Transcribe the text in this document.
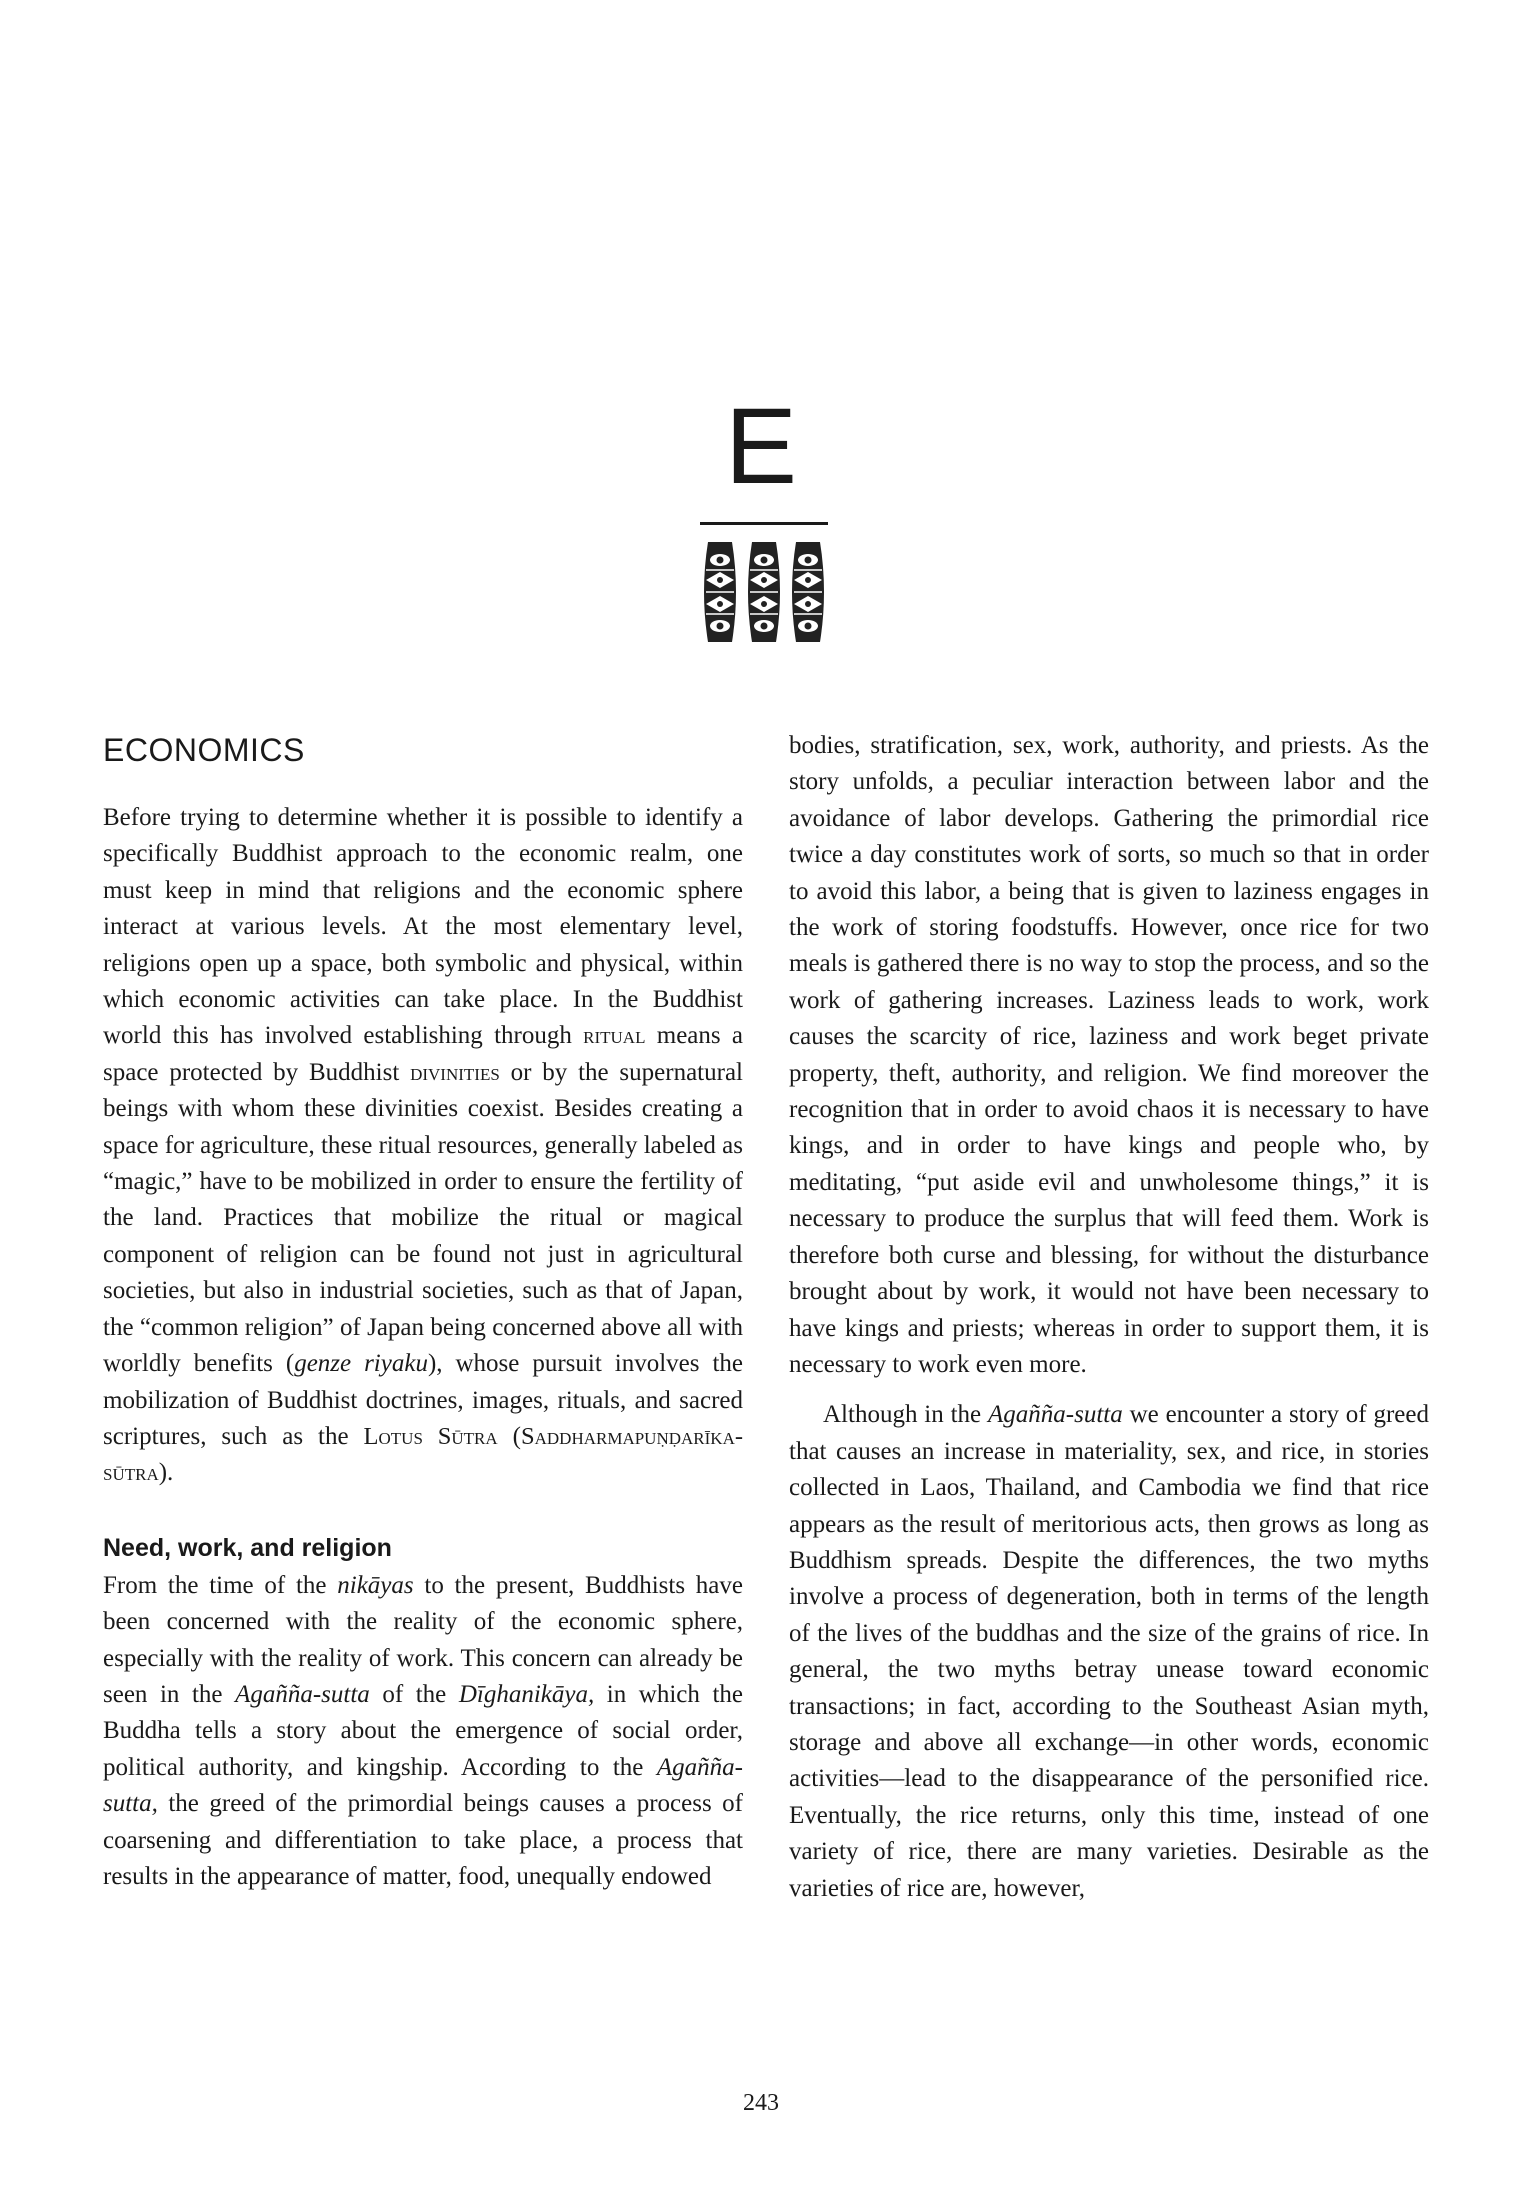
E
ECONOMICS

Before trying to determine whether it is possible to identify a specifically Buddhist approach to the economic realm, one must keep in mind that religions and the economic sphere interact at various levels. At the most elementary level, religions open up a space, both symbolic and physical, within which economic activities can take place. In the Buddhist world this has involved establishing through ritual means a space protected by Buddhist divinities or by the supernatural beings with whom these divinities coexist. Besides creating a space for agriculture, these ritual resources, generally labeled as “magic,” have to be mobilized in order to ensure the fertility of the land. Practices that mobilize the ritual or magical component of religion can be found not just in agricultural societies, but also in industrial societies, such as that of Japan, the “common religion” of Japan being concerned above all with worldly benefits (genze riyaku), whose pursuit involves the mobilization of Buddhist doctrines, images, rituals, and sacred scriptures, such as the Lotus Sūtra (Saddharmapuṇḍarīka-sūtra).

Need, work, and religion

From the time of the nikāyas to the present, Buddhists have been concerned with the reality of the economic sphere, especially with the reality of work. This concern can already be seen in the Agañña-sutta of the Dīghanikāya, in which the Buddha tells a story about the emergence of social order, political authority, and kingship. According to the Agañña-sutta, the greed of the primordial beings causes a process of coarsening and differentiation to take place, a process that results in the appearance of matter, food, unequally endowed

bodies, stratification, sex, work, authority, and priests. As the story unfolds, a peculiar interaction between labor and the avoidance of labor develops. Gathering the primordial rice twice a day constitutes work of sorts, so much so that in order to avoid this labor, a being that is given to laziness engages in the work of storing foodstuffs. However, once rice for two meals is gathered there is no way to stop the process, and so the work of gathering increases. Laziness leads to work, work causes the scarcity of rice, laziness and work beget private property, theft, authority, and religion. We find moreover the recognition that in order to avoid chaos it is necessary to have kings, and in order to have kings and people who, by meditating, “put aside evil and unwholesome things,” it is necessary to produce the surplus that will feed them. Work is therefore both curse and blessing, for without the disturbance brought about by work, it would not have been necessary to have kings and priests; whereas in order to support them, it is necessary to work even more.

Although in the Agañña-sutta we encounter a story of greed that causes an increase in materiality, sex, and rice, in stories collected in Laos, Thailand, and Cambodia we find that rice appears as the result of meritorious acts, then grows as long as Buddhism spreads. Despite the differences, the two myths involve a process of degeneration, both in terms of the length of the lives of the buddhas and the size of the grains of rice. In general, the two myths betray unease toward economic transactions; in fact, according to the Southeast Asian myth, storage and above all exchange—in other words, economic activities—lead to the disappearance of the personified rice. Eventually, the rice returns, only this time, instead of one variety of rice, there are many varieties. Desirable as the varieties of rice are, however,

243
